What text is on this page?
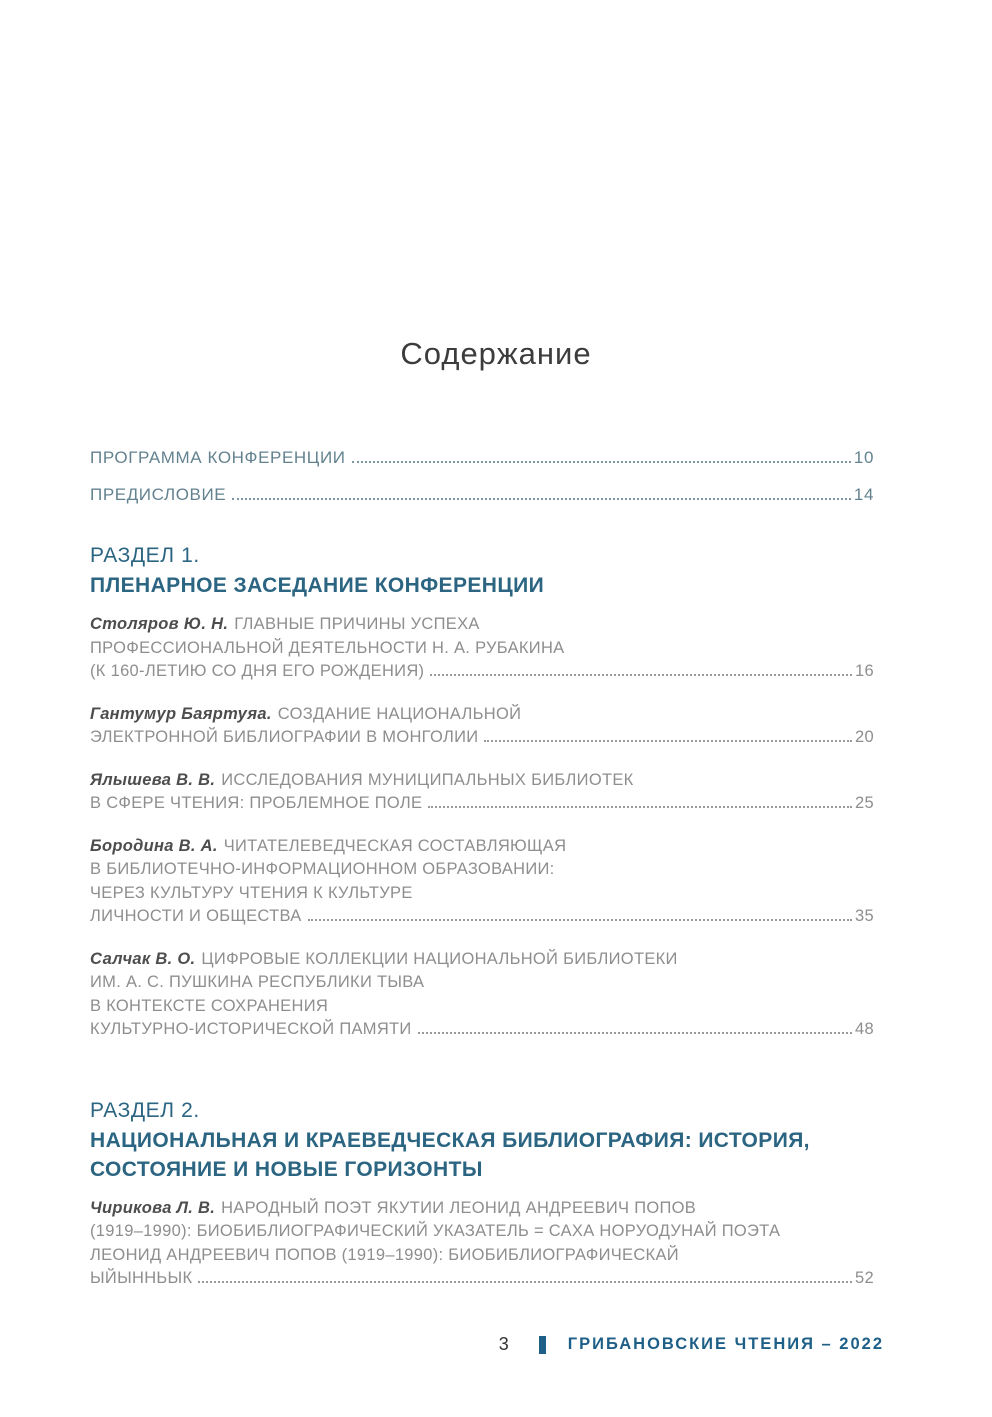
Содержание
ПРОГРАММА КОНФЕРЕНЦИИ	10
ПРЕДИСЛОВИЕ	14
РАЗДЕЛ 1.
ПЛЕНАРНОЕ ЗАСЕДАНИЕ КОНФЕРЕНЦИИ
Столяров Ю. Н. ГЛАВНЫЕ ПРИЧИНЫ УСПЕХА
ПРОФЕССИОНАЛЬНОЙ ДЕЯТЕЛЬНОСТИ Н. А. РУБАКИНА
(К 160-ЛЕТИЮ СО ДНЯ ЕГО РОЖДЕНИЯ)	16
Гантумур Баяртуяа. СОЗДАНИЕ НАЦИОНАЛЬНОЙ
ЭЛЕКТРОННОЙ БИБЛИОГРАФИИ В МОНГОЛИИ	20
Ялышева В. В. ИССЛЕДОВАНИЯ МУНИЦИПАЛЬНЫХ БИБЛИОТЕК
В СФЕРЕ ЧТЕНИЯ: ПРОБЛЕМНОЕ ПОЛЕ	25
Бородина В. А. ЧИТАТЕЛЕВЕДЧЕСКАЯ СОСТАВЛЯЮЩАЯ
В БИБЛИОТЕЧНО-ИНФОРМАЦИОННОМ ОБРАЗОВАНИИ:
ЧЕРЕЗ КУЛЬТУРУ ЧТЕНИЯ К КУЛЬТУРЕ
ЛИЧНОСТИ И ОБЩЕСТВА	35
Салчак В. О. ЦИФРОВЫЕ КОЛЛЕКЦИИ НАЦИОНАЛЬНОЙ БИБЛИОТЕКИ
ИМ. А. С. ПУШКИНА РЕСПУБЛИКИ ТЫВА
В КОНТЕКСТЕ СОХРАНЕНИЯ
КУЛЬТУРНО-ИСТОРИЧЕСКОЙ ПАМЯТИ	48
РАЗДЕЛ 2.
НАЦИОНАЛЬНАЯ И КРАЕВЕДЧЕСКАЯ БИБЛИОГРАФИЯ: ИСТОРИЯ,
СОСТОЯНИЕ И НОВЫЕ ГОРИЗОНТЫ
Чирикова Л. В. НАРОДНЫЙ ПОЭТ ЯКУТИИ ЛЕОНИД АНДРЕЕВИЧ ПОПОВ
(1919–1990): БИОБИБЛИОГРАФИЧЕСКИЙ УКАЗАТЕЛЬ = САХА НОРУОДУНАЙ ПОЭТА
ЛЕОНИД АНДРЕЕВИЧ ПОПОВ (1919–1990): БИОБИБЛИОГРАФИЧЕСКАЙ
ЫЙЫННЬЫК	52
3	ГРИБАНОВСКИЕ ЧТЕНИЯ – 2022
